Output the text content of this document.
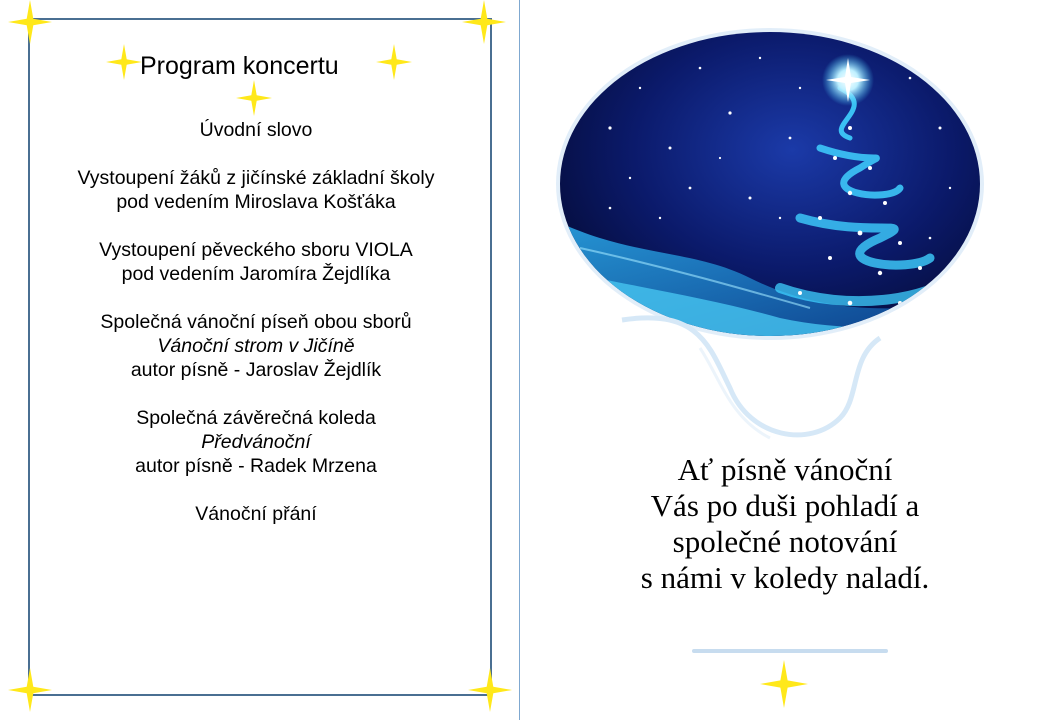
Program koncertu
Úvodní slovo
Vystoupení žáků z jičínské základní školy
pod vedením Miroslava Košťáka
Vystoupení pěveckého sboru VIOLA
pod vedením Jaromíra Žejdlíka
Společná vánoční píseň obou sborů
Vánoční strom v Jičíně
autor písně - Jaroslav Žejdlík
Společná závěrečná koleda
Předvánoční
autor písně - Radek Mrzena
Vánoční přání
Ať písně vánoční
Vás po duši pohladí a
společné notování
s námi v koledy naladí.
